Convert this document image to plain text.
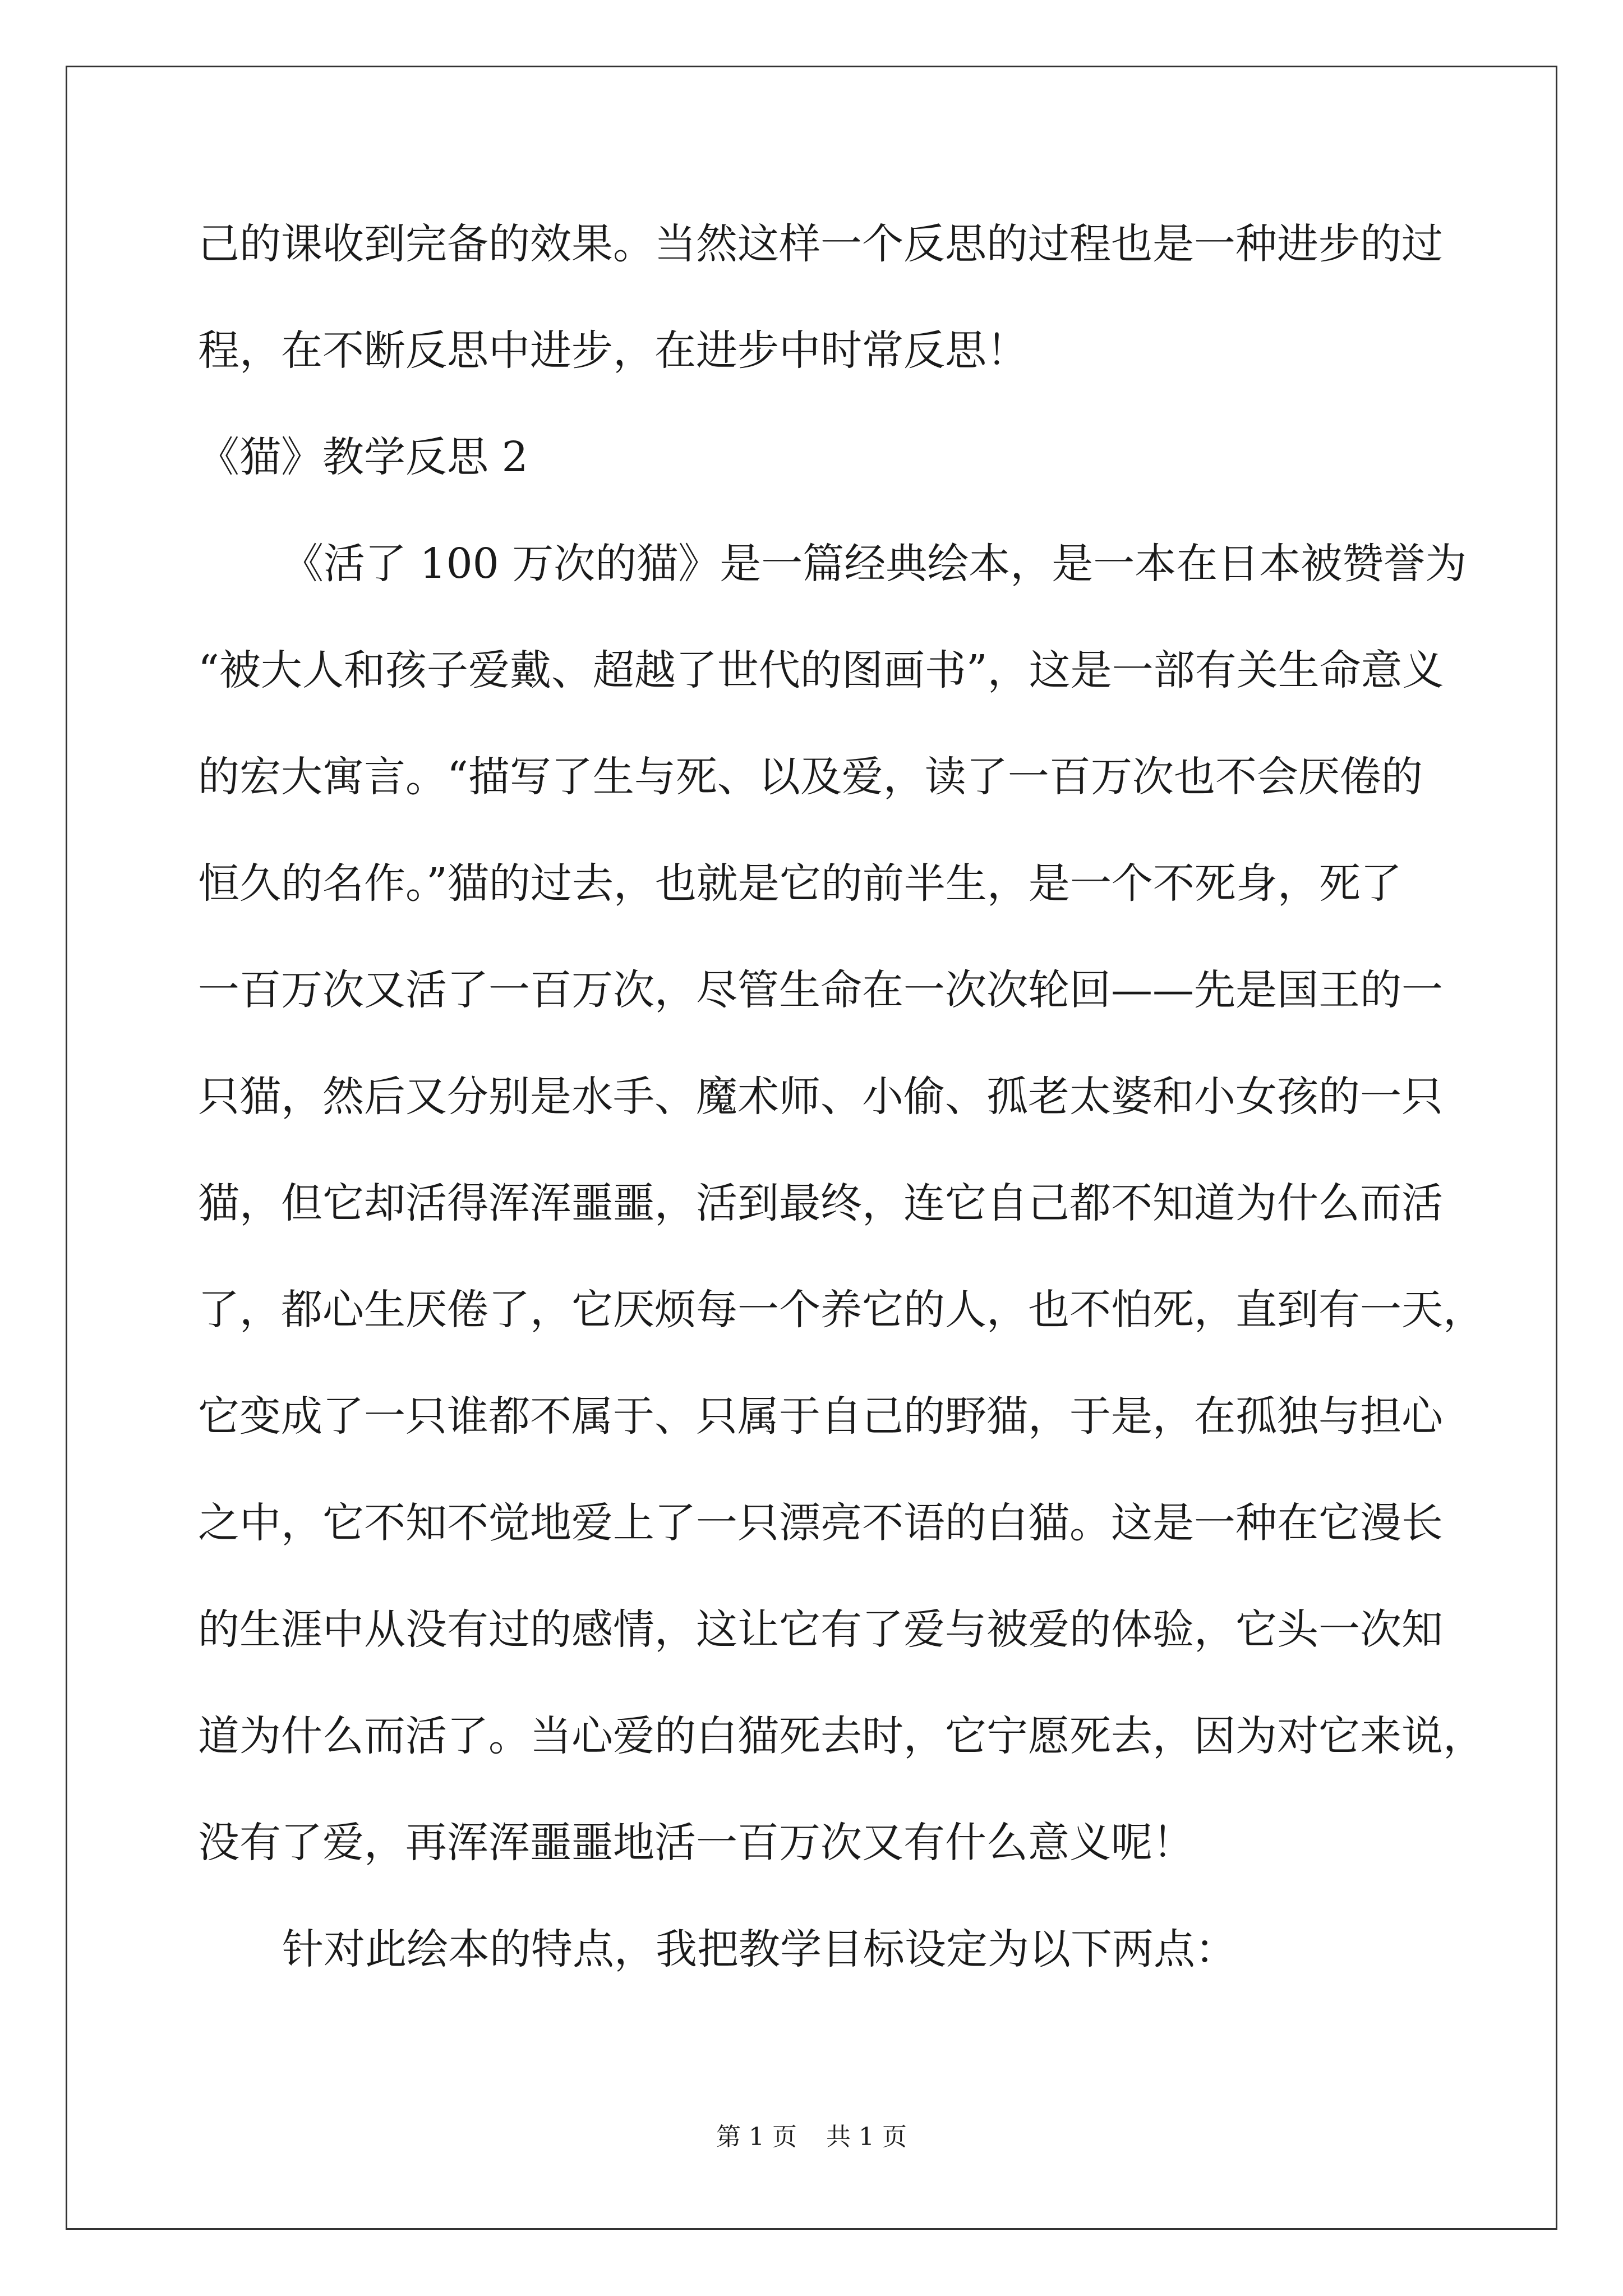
己的课收到完备的效果。当然这样一个反思的过程也是一种进步的过
程，在不断反思中进步，在进步中时常反思！
《猫》教学反思 2
《活了 100 万次的猫》是一篇经典绘本，是一本在日本被赞誉为
“被大人和孩子爱戴、超越了世代的图画书”，这是一部有关生命意义
的宏大寓言。“描写了生与死、以及爱，读了一百万次也不会厌倦的
恒久的名作。”猫的过去，也就是它的前半生，是一个不死身，死了
一百万次又活了一百万次，尽管生命在一次次轮回——先是国王的一
只猫，然后又分别是水手、魔术师、小偷、孤老太婆和小女孩的一只
猫，但它却活得浑浑噩噩，活到最终，连它自己都不知道为什么而活
了，都心生厌倦了，它厌烦每一个养它的人，也不怕死，直到有一天，
它变成了一只谁都不属于、只属于自己的野猫，于是，在孤独与担心
之中，它不知不觉地爱上了一只漂亮不语的白猫。这是一种在它漫长
的生涯中从没有过的感情，这让它有了爱与被爱的体验，它头一次知
道为什么而活了。当心爱的白猫死去时，它宁愿死去，因为对它来说，
没有了爱，再浑浑噩噩地活一百万次又有什么意义呢！
针对此绘本的特点，我把教学目标设定为以下两点：
第 1 页 共 1 页
